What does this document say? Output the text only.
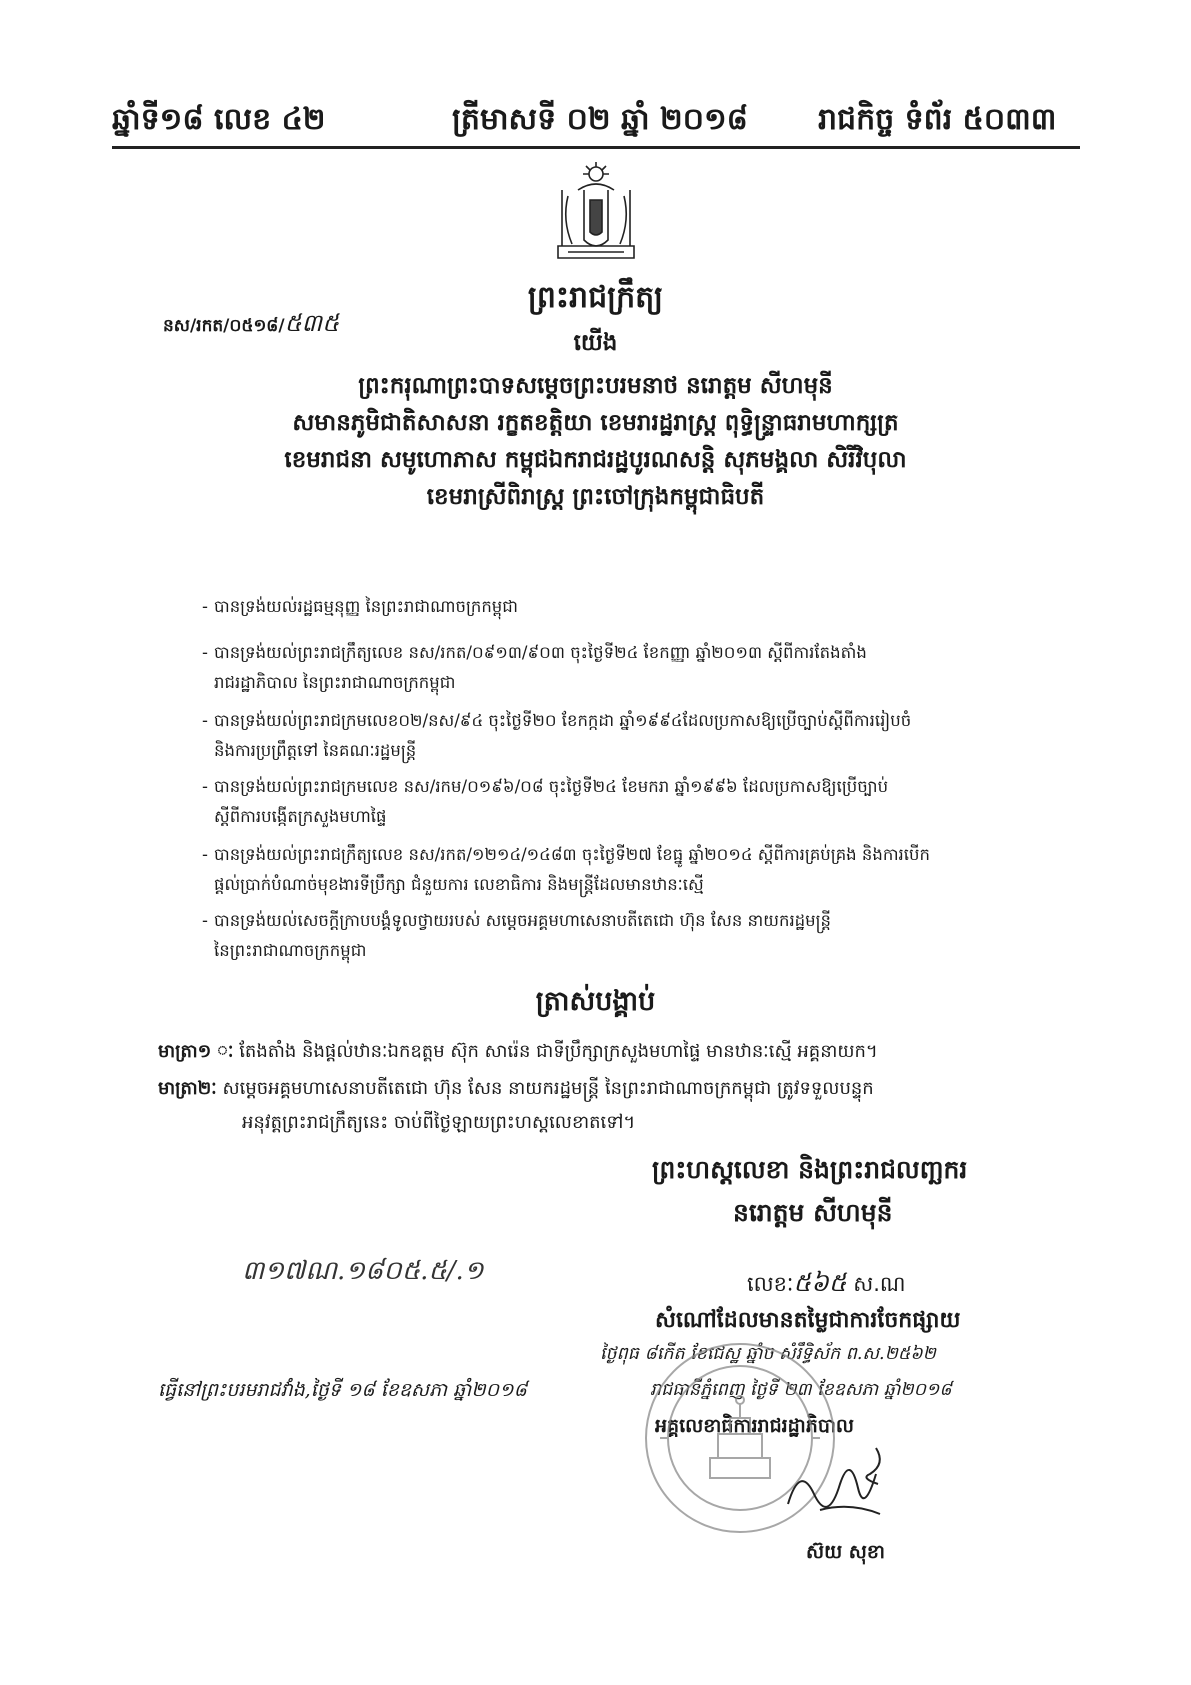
ឆ្នាំទី១៨ លេខ ៤២	ត្រីមាសទី ០២ ឆ្នាំ ២០១៨ រាជកិច្ច ទំព័រ ៥០៣៣
នស/រកត/០៥១៨/៥៣៥
ព្រះរាជក្រឹត្យ
យើង
ព្រះករុណាព្រះបាទសម្តេចព្រះបរមនាថ នរោត្តម សីហមុនី
សមានភូមិជាតិសាសនា រក្ខតខត្តិយា ខេមរារដ្ឋរាស្ត្រ ពុទ្ធិន្ទ្រាធរាមហាក្សត្រ
ខេមរាជនា សមូហោភាស កម្ពុជឯករាជរដ្ឋបូរណសន្តិ សុភមង្គលា សិរីវិបុលា
ខេមរាស្រីពិរាស្ត្រ ព្រះចៅក្រុងកម្ពុជាធិបតី
- បានទ្រង់យល់រដ្ឋធម្មនុញ្ញ នៃព្រះរាជាណាចក្រកម្ពុជា
- បានទ្រង់យល់ព្រះរាជក្រឹត្យលេខ នស/រកត/០៩១៣/៩០៣ ចុះថ្ងៃទី២៤ ខែកញ្ញា ឆ្នាំ២០១៣ ស្តីពីការតែងតាំង
រាជរដ្ឋាភិបាល នៃព្រះរាជាណាចក្រកម្ពុជា
- បានទ្រង់យល់ព្រះរាជក្រមលេខ០២/នស/៩៤ ចុះថ្ងៃទី២០ ខែកក្កដា ឆ្នាំ១៩៩៤ដែលប្រកាសឱ្យប្រើច្បាប់ស្តីពីការរៀបចំ
និងការប្រព្រឹត្តទៅ នៃគណៈរដ្ឋមន្ត្រី
- បានទ្រង់យល់ព្រះរាជក្រមលេខ នស/រកម/០១៩៦/០៨ ចុះថ្ងៃទី២៤ ខែមករា ឆ្នាំ១៩៩៦ ដែលប្រកាសឱ្យប្រើច្បាប់
ស្តីពីការបង្កើតក្រសួងមហាផ្ទៃ
- បានទ្រង់យល់ព្រះរាជក្រឹត្យលេខ នស/រកត/១២១៤/១៤៨៣ ចុះថ្ងៃទី២៧ ខែធ្នូ ឆ្នាំ២០១៤ ស្តីពីការគ្រប់គ្រង និងការបើក
ផ្តល់ប្រាក់បំណាច់មុខងារទីប្រឹក្សា ជំនួយការ លេខាធិការ និងមន្ត្រីដែលមានឋានៈស្មើ
- បានទ្រង់យល់សេចក្តីក្រាបបង្គំទូលថ្វាយរបស់ សម្តេចអគ្គមហាសេនាបតីតេជោ ហ៊ុន សែន នាយករដ្ឋមន្ត្រី
នៃព្រះរាជាណាចក្រកម្ពុជា
ត្រាស់បង្គាប់
មាត្រា១ ៈ តែងតាំង និងផ្តល់ឋានៈឯកឧត្តម ស៊ុក សារ៉េន ជាទីប្រឹក្សាក្រសួងមហាផ្ទៃ មានឋានៈស្មើ អគ្គនាយក។
មាត្រា២ៈ សម្តេចអគ្គមហាសេនាបតីតេជោ ហ៊ុន សែន នាយករដ្ឋមន្ត្រី នៃព្រះរាជាណាចក្រកម្ពុជា ត្រូវទទួលបន្ទុក
អនុវត្តព្រះរាជក្រឹត្យនេះ ចាប់ពីថ្ងៃឡាយព្រះហស្តលេខាតទៅ។
ព្រះហស្តលេខា និងព្រះរាជលញ្ឆករ
នរោត្តម សីហមុនី
៣១៧ណ.១៨០៥.៥/.១	លេខៈ៥៦៥ ស.ណ
សំណៅដែលមានតម្លៃជាការចែកផ្សាយ
ថ្ងៃពុធ ៨កើត ខែជេស្ឋ ឆ្នាំច សំរឹទ្ធិស័ក ព.ស.២៥៦២
ធ្វើនៅព្រះបរមរាជវាំង,ថ្ងៃទី ១៨ ខែឧសភា ឆ្នាំ២០១៨	រាជធានីភ្នំពេញ ថ្ងៃទី ២៣ ខែឧសភា ឆ្នាំ២០១៨
អគ្គលេខាធិការរាជរដ្ឋាភិបាល
ស៊យ សុខា
